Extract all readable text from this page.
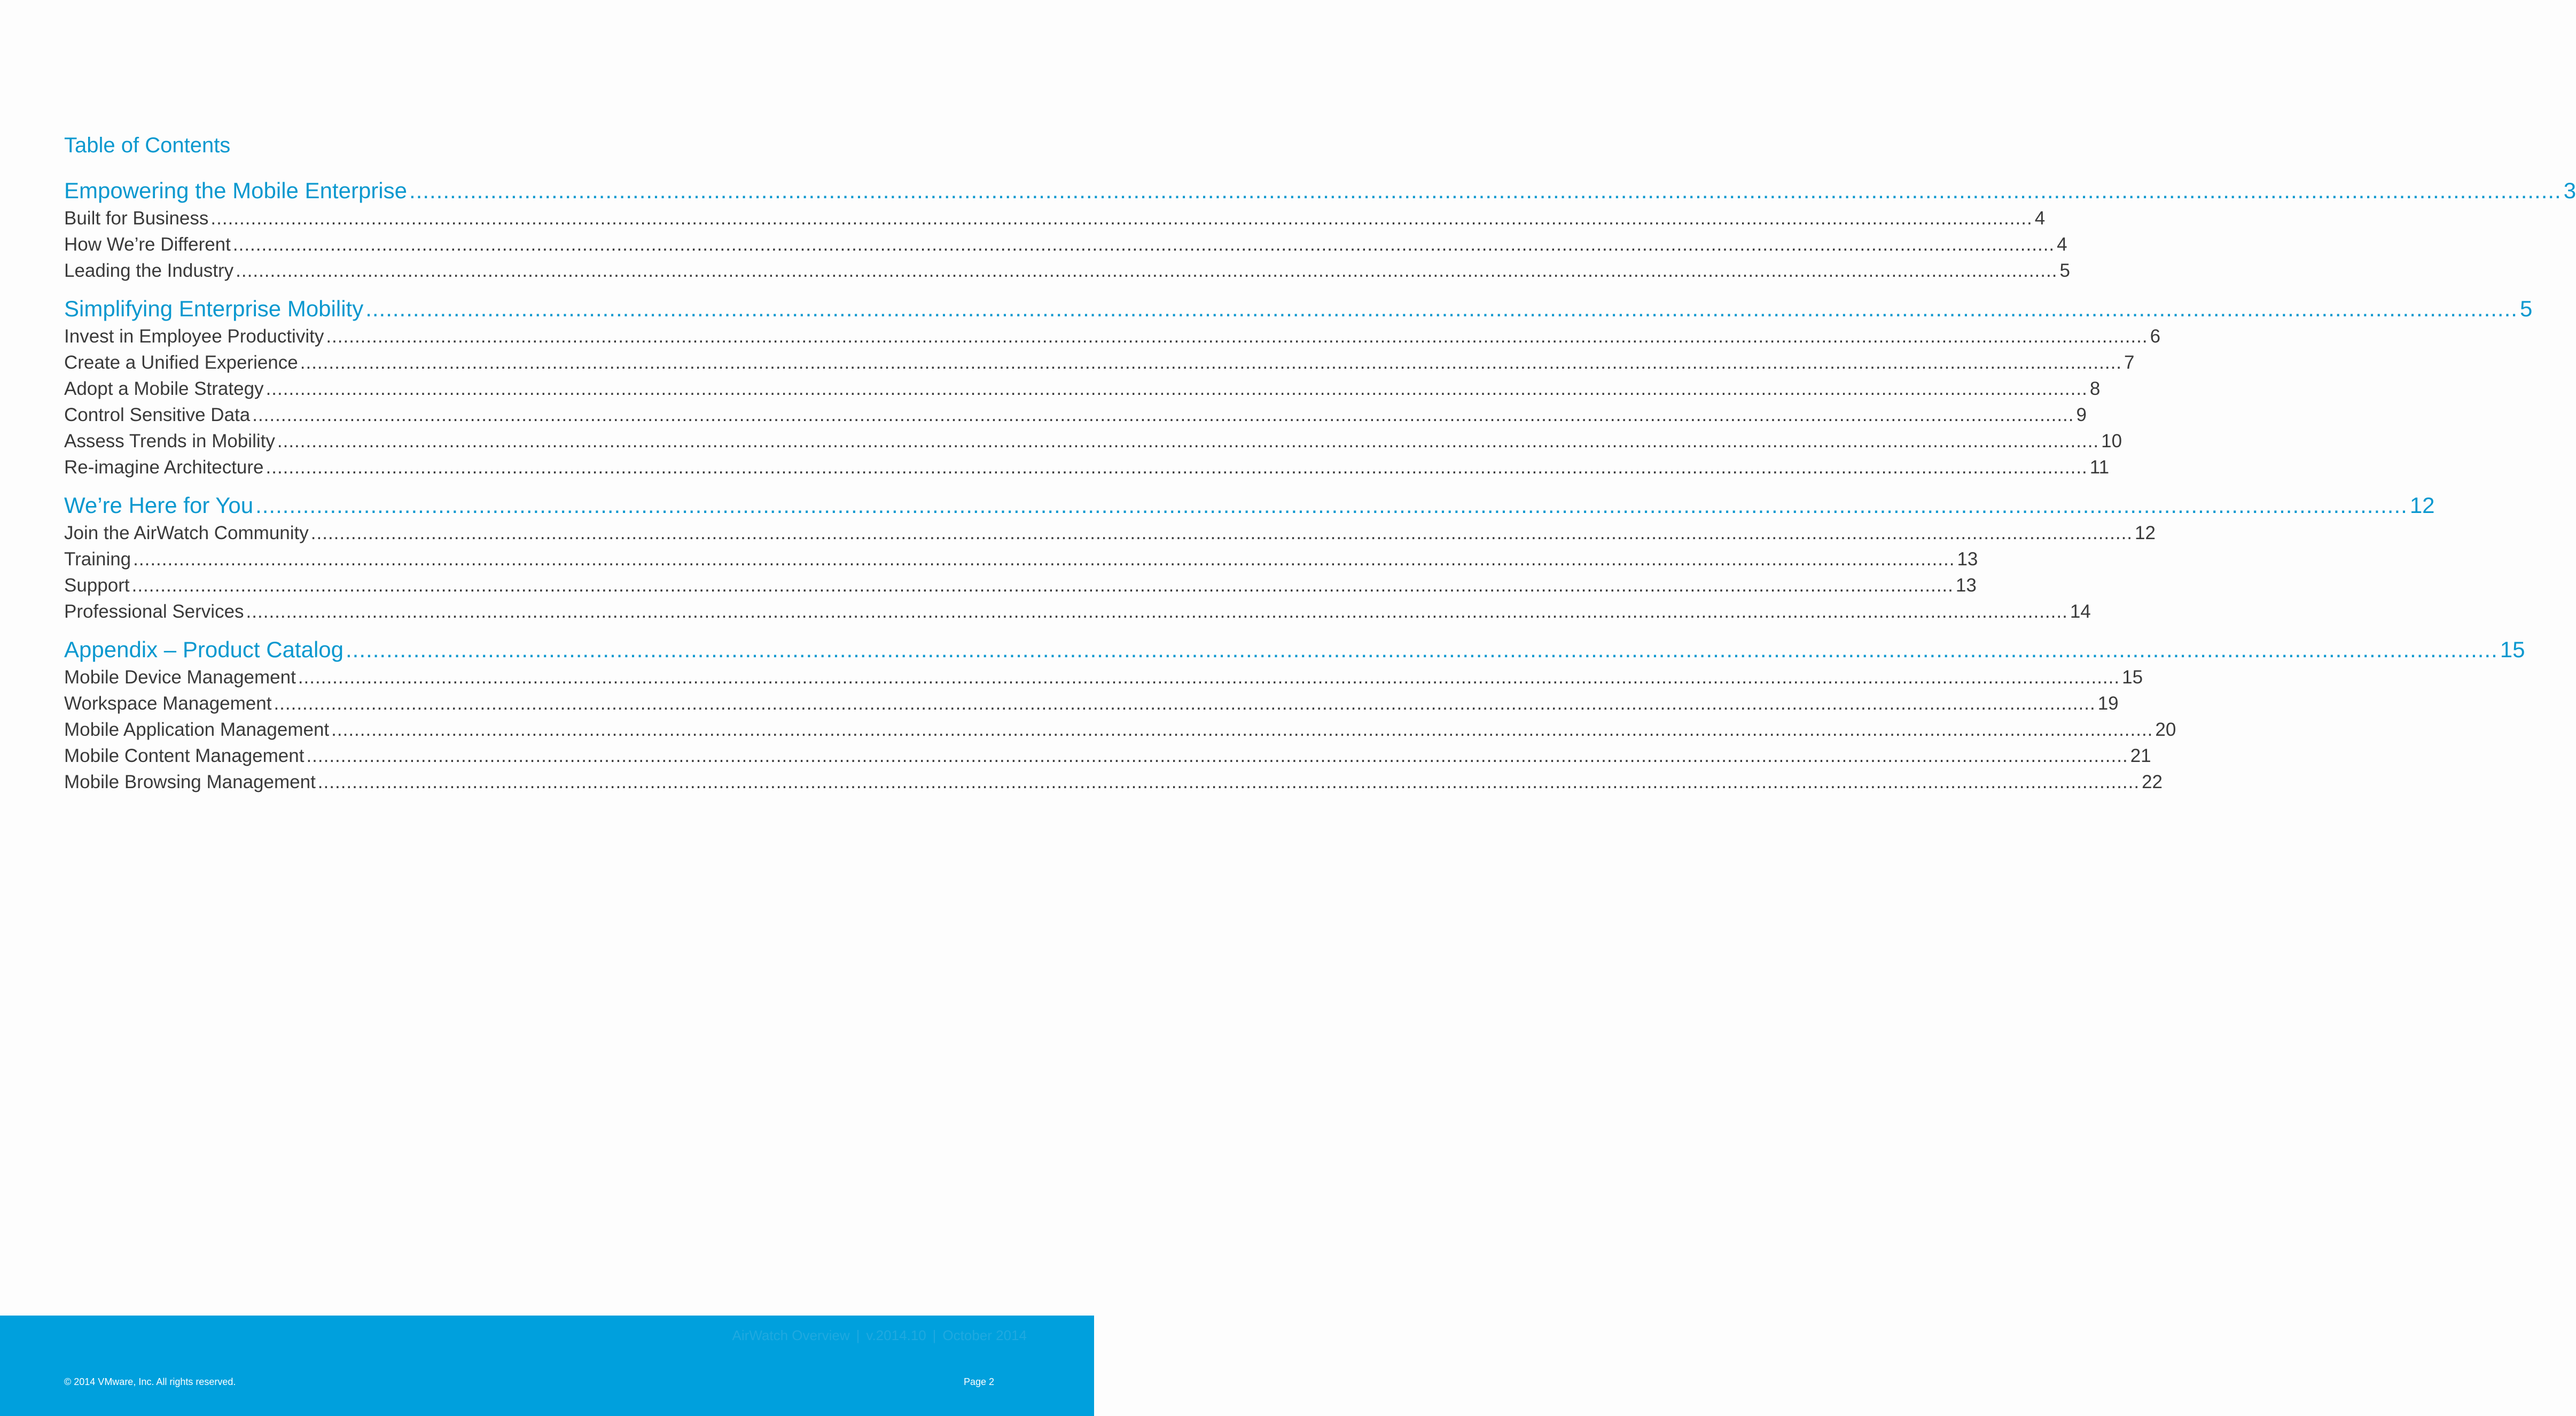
Table of Contents
Empowering the Mobile Enterprise .............................................................................................................................................................................................................................................................................................................................. 3
Built for Business .............................................................................................................................................................................................................................................................................................................................. 4
How We’re Different .............................................................................................................................................................................................................................................................................................................................. 4
Leading the Industry .............................................................................................................................................................................................................................................................................................................................. 5
Simplifying Enterprise Mobility .............................................................................................................................................................................................................................................................................................................................. 5
Invest in Employee Productivity .............................................................................................................................................................................................................................................................................................................................. 6
Create a Unified Experience .............................................................................................................................................................................................................................................................................................................................. 7
Adopt a Mobile Strategy .............................................................................................................................................................................................................................................................................................................................. 8
Control Sensitive Data .............................................................................................................................................................................................................................................................................................................................. 9
Assess Trends in Mobility .............................................................................................................................................................................................................................................................................................................................. 10
Re-imagine Architecture .............................................................................................................................................................................................................................................................................................................................. 11
We’re Here for You .............................................................................................................................................................................................................................................................................................................................. 12
Join the AirWatch Community .............................................................................................................................................................................................................................................................................................................................. 12
Training .............................................................................................................................................................................................................................................................................................................................. 13
Support .............................................................................................................................................................................................................................................................................................................................. 13
Professional Services .............................................................................................................................................................................................................................................................................................................................. 14
Appendix – Product Catalog .............................................................................................................................................................................................................................................................................................................................. 15
Mobile Device Management .............................................................................................................................................................................................................................................................................................................................. 15
Workspace Management .............................................................................................................................................................................................................................................................................................................................. 19
Mobile Application Management .............................................................................................................................................................................................................................................................................................................................. 20
Mobile Content Management .............................................................................................................................................................................................................................................................................................................................. 21
Mobile Browsing Management .............................................................................................................................................................................................................................................................................................................................. 22
AirWatch Overview | v.2014.10 | October 2014
© 2014 VMware, Inc. All rights reserved.	Page 2
